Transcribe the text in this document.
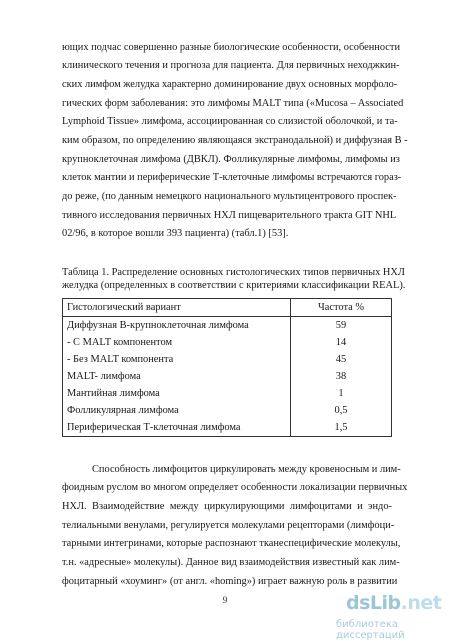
ющих подчас совершенно разные биологические особенности, особенности
клинического течения и прогноза для пациента. Для первичных неходжкин-
ских лимфом желудка характерно доминирование двух основных морфоло-
гических форм заболевания: это лимфомы MALT типа («Mucosa – Associated
Lymphoid Tissue» лимфома, ассоциированная со слизистой оболочкой, и та-
ким образом, по определению являющаяся экстранодальной) и диффузная В -
крупноклеточная лимфома (ДВКЛ). Фолликулярные лимфомы, лимфомы из
клеток мантии и периферические Т-клеточные лимфомы встречаются горaз-
до реже, (по данным немецкого национального мультицентрового проспек-
тивного исследования первичных НХЛ пищеварительного тракта GIT NHL
02/96, в которое вошли 393 пациента) (табл.1) [53].
Таблица 1. Распределение основных гистологических типов первичных НХЛ
желудка (определенных в соответствии с критериями классификации REAL).
Гистологический вариант	Частота %
Диффузная В-крупноклеточная лимфома	59
- С MALT компонентом	14
- Без MALT компонента	45
MALT- лимфома	38
Мантийная лимфома	1
Фолликулярная лимфома	0,5
Периферическая Т-клеточная лимфома	1,5
Способность лимфоцитов циркулировать между кровеносным и лим-
фоидным руслом во многом определяет особенности локализации первичных
НХЛ. Взаимодействие между циркулирующими лимфоцитами и эндо-
телиальными венулами, регулируется молекулами рецепторами (лимфоци-
тарными интегринами, которые распознают тканеспецифические молекулы,
т.н. «адресные» молекулы). Данное вид взаимодействия известный как лим-
фоцитарный «хоуминг» (от англ. «homing») играет важную роль в развитии
9	dsLib.net
библиотека диссертаций
